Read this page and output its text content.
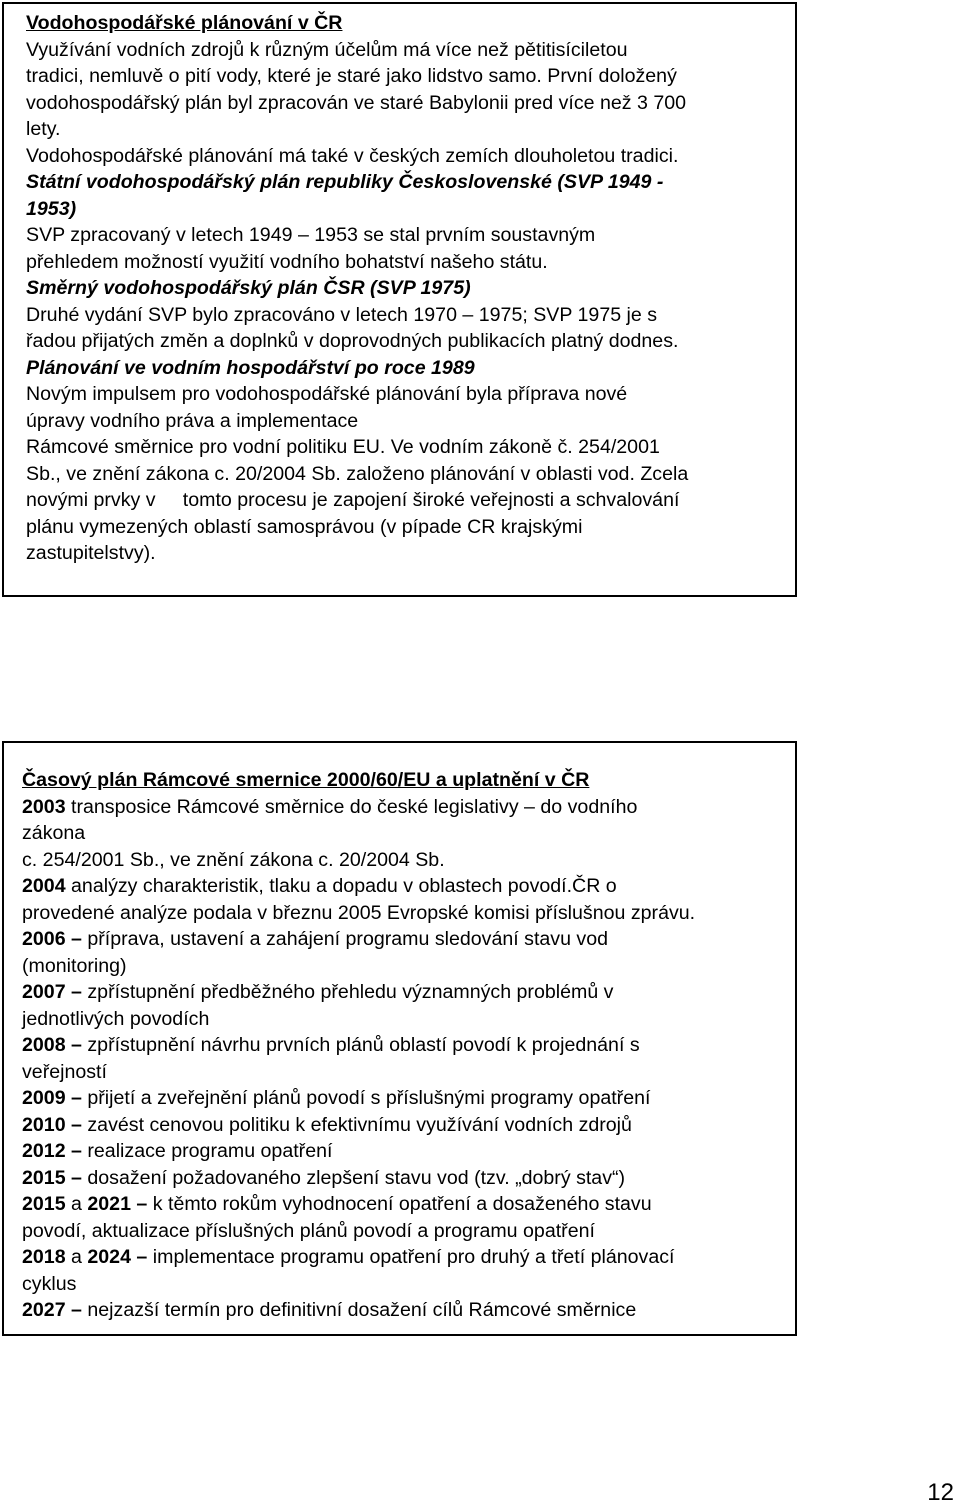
Vodohospodářské plánování v ČR

Využívání vodních zdrojů k různým účelům má více než pětitisíciletou

tradici, nemluvě o pití vody, které je staré jako lidstvo samo. První doložený

vodohospodářský plán byl zpracován ve staré Babylonii pred více než 3 700

lety.

Vodohospodářské plánování má také v českých zemích dlouholetou tradici.

Státní vodohospodářský plán republiky Československé (SVP 1949 -

1953)

SVP zpracovaný v letech 1949 – 1953 se stal prvním soustavným

přehledem možností využití vodního bohatství našeho státu.

Směrný vodohospodářský plán ČSR (SVP 1975)

Druhé vydání SVP bylo zpracováno v letech 1970 – 1975; SVP 1975 je s

řadou přijatých změn a doplnků v doprovodných publikacích platný dodnes.

Plánování ve vodním hospodářství po roce 1989

Novým impulsem pro vodohospodářské plánování byla příprava nové

úpravy vodního práva a implementace

Rámcové směrnice pro vodní politiku EU. Ve vodním zákoně č. 254/2001

Sb., ve znění zákona c. 20/2004 Sb. založeno plánování v oblasti vod. Zcela

novými prvky v     tomto procesu je zapojení široké veřejnosti a schvalování

plánu vymezených oblastí samosprávou (v pípade CR krajskými

zastupitelstvy).

Časový plán Rámcové smernice 2000/60/EU a uplatnění v ČR

2003 transposice Rámcové směrnice do české legislativy – do vodního

zákona

c. 254/2001 Sb., ve znění zákona c. 20/2004 Sb.

2004 analýzy charakteristik, tlaku a dopadu v oblastech povodí.ČR o

provedené analýze podala v březnu 2005 Evropské komisi příslušnou zprávu.

2006 – příprava, ustavení a zahájení programu sledování stavu vod

(monitoring)

2007 – zpřístupnění předběžného přehledu významných problémů v

jednotlivých povodích

2008 – zpřístupnění návrhu prvních plánů oblastí povodí k projednání s

veřejností

2009 – přijetí a zveřejnění plánů povodí s příslušnými programy opatření

2010 – zavést cenovou politiku k efektivnímu využívání vodních zdrojů

2012 – realizace programu opatření

2015 – dosažení požadovaného zlepšení stavu vod (tzv. „dobrý stav“)

2015 a 2021 – k těmto rokům vyhodnocení opatření a dosaženého stavu

povodí, aktualizace příslušných plánů povodí a programu opatření

2018 a 2024 – implementace programu opatření pro druhý a třetí plánovací

cyklus

2027 – nejzazší termín pro definitivní dosažení cílů Rámcové směrnice

12
